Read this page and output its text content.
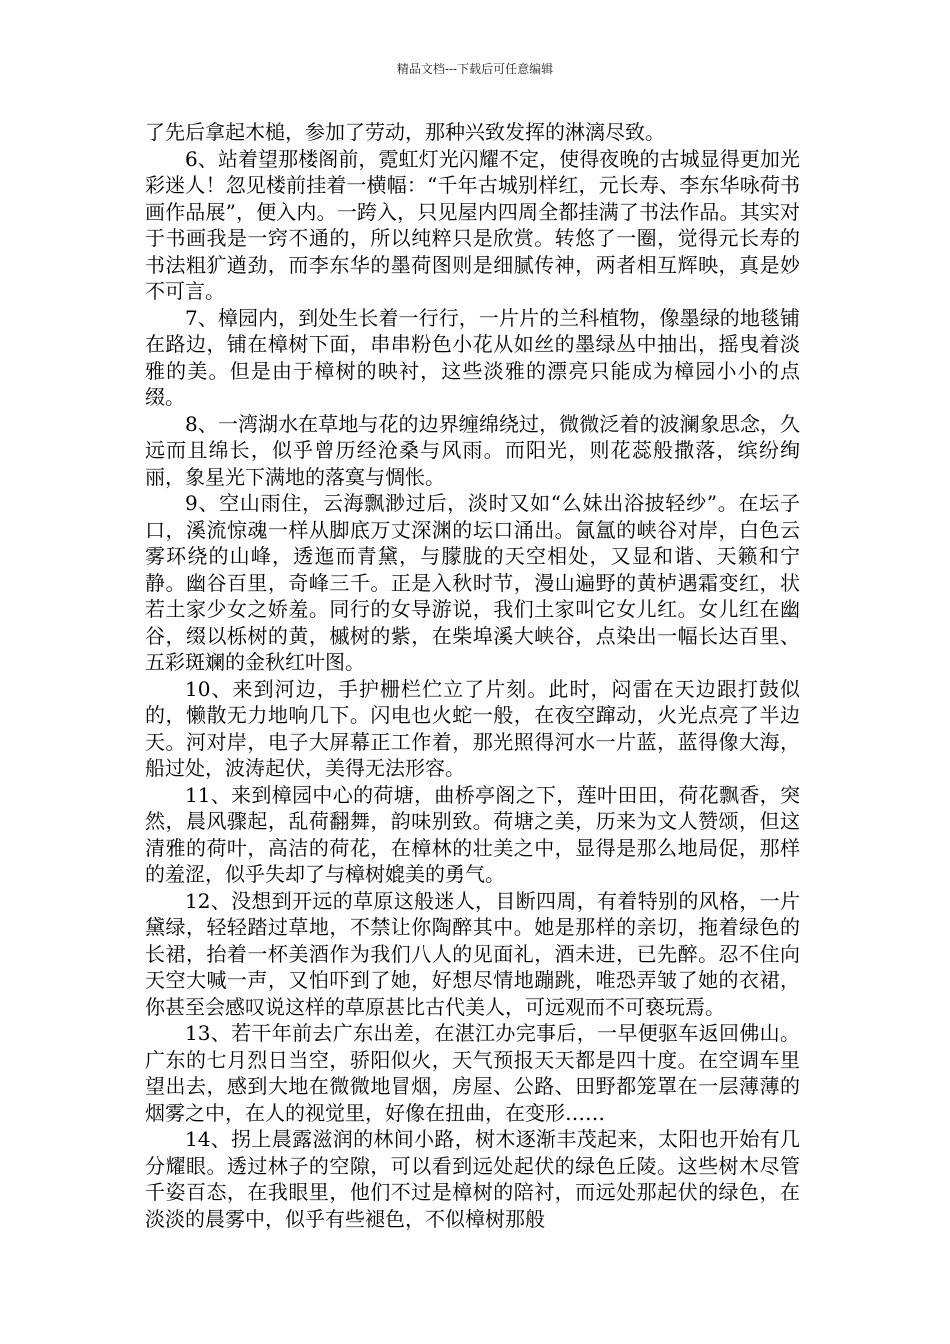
精品文档---下载后可任意编辑

了先后拿起木槌，参加了劳动，那种兴致发挥的淋漓尽致。

6、站着望那楼阁前，霓虹灯光闪耀不定，使得夜晚的古城显得更加光彩迷人！忽见楼前挂着一横幅：“千年古城别样红，元长寿、李东华咏荷书画作品展”，便入内。一跨入，只见屋内四周全都挂满了书法作品。其实对于书画我是一窍不通的，所以纯粹只是欣赏。转悠了一圈，觉得元长寿的书法粗犷遒劲，而李东华的墨荷图则是细腻传神，两者相互辉映，真是妙不可言。

7、樟园内，到处生长着一行行，一片片的兰科植物，像墨绿的地毯铺在路边，铺在樟树下面，串串粉色小花从如丝的墨绿丛中抽出，摇曳着淡雅的美。但是由于樟树的映衬，这些淡雅的漂亮只能成为樟园小小的点缀。

8、一湾湖水在草地与花的边界缠绵绕过，微微泛着的波澜象思念，久远而且绵长，似乎曾历经沧桑与风雨。而阳光，则花蕊般撒落，缤纷绚丽，象星光下满地的落寞与惆怅。

9、空山雨住，云海飘渺过后，淡时又如“么妹出浴披轻纱”。在坛子口，溪流惊魂一样从脚底万丈深渊的坛口涌出。氤氲的峡谷对岸，白色云雾环绕的山峰，透迤而青黛，与朦胧的天空相处，又显和谐、天籁和宁静。幽谷百里，奇峰三千。正是入秋时节，漫山遍野的黄栌遇霜变红，状若土家少女之娇羞。同行的女导游说，我们土家叫它女儿红。女儿红在幽谷，缀以栎树的黄，槭树的紫，在柴埠溪大峡谷，点染出一幅长达百里、五彩斑斓的金秋红叶图。

10、来到河边，手护栅栏伫立了片刻。此时，闷雷在天边跟打鼓似的，懒散无力地响几下。闪电也火蛇一般，在夜空蹿动，火光点亮了半边天。河对岸，电子大屏幕正工作着，那光照得河水一片蓝，蓝得像大海，船过处，波涛起伏，美得无法形容。

11、来到樟园中心的荷塘，曲桥亭阁之下，莲叶田田，荷花飘香，突然，晨风骤起，乱荷翻舞，韵味别致。荷塘之美，历来为文人赞颂，但这清雅的荷叶，高洁的荷花，在樟林的壮美之中，显得是那么地局促，那样的羞涩，似乎失却了与樟树媲美的勇气。

12、没想到开远的草原这般迷人，目断四周，有着特别的风格，一片黛绿，轻轻踏过草地，不禁让你陶醉其中。她是那样的亲切，拖着绿色的长裙，抬着一杯美酒作为我们八人的见面礼，酒未进，已先醉。忍不住向天空大喊一声，又怕吓到了她，好想尽情地蹦跳，唯恐弄皱了她的衣裙，你甚至会感叹说这样的草原甚比古代美人，可远观而不可亵玩焉。

13、若干年前去广东出差，在湛江办完事后，一早便驱车返回佛山。广东的七月烈日当空，骄阳似火，天气预报天天都是四十度。在空调车里望出去，感到大地在微微地冒烟，房屋、公路、田野都笼罩在一层薄薄的烟雾之中，在人的视觉里，好像在扭曲，在变形……

14、拐上晨露滋润的林间小路，树木逐渐丰茂起来，太阳也开始有几分耀眼。透过林子的空隙，可以看到远处起伏的绿色丘陵。这些树木尽管千姿百态，在我眼里，他们不过是樟树的陪衬，而远处那起伏的绿色，在淡淡的晨雾中，似乎有些褪色，不似樟树那般
